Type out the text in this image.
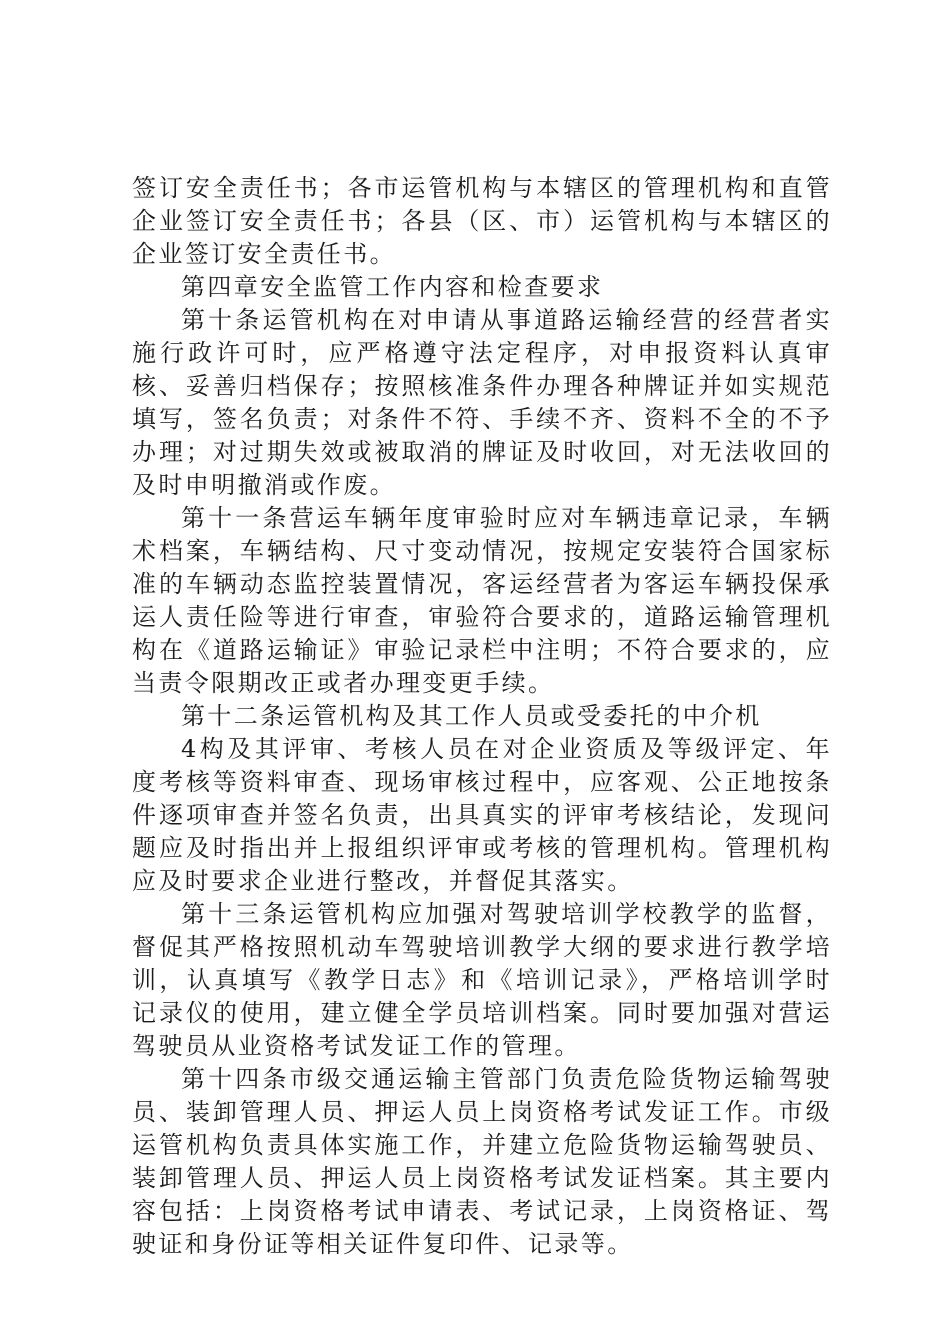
签订安全责任书；各市运管机构与本辖区的管理机构和直管企业签订安全责任书；各县（区、市）运管机构与本辖区的企业签订安全责任书。

第四章安全监管工作内容和检查要求

第十条运管机构在对申请从事道路运输经营的经营者实施行政许可时，应严格遵守法定程序，对申报资料认真审核、妥善归档保存；按照核准条件办理各种牌证并如实规范填写，签名负责；对条件不符、手续不齐、资料不全的不予办理；对过期失效或被取消的牌证及时收回，对无法收回的及时申明撤消或作废。

第十一条营运车辆年度审验时应对车辆违章记录，车辆术档案，车辆结构、尺寸变动情况，按规定安装符合国家标准的车辆动态监控装置情况，客运经营者为客运车辆投保承运人责任险等进行审查，审验符合要求的，道路运输管理机构在《道路运输证》审验记录栏中注明；不符合要求的，应当责令限期改正或者办理变更手续。

第十二条运管机构及其工作人员或受委托的中介机

4构及其评审、考核人员在对企业资质及等级评定、年度考核等资料审查、现场审核过程中，应客观、公正地按条件逐项审查并签名负责，出具真实的评审考核结论，发现问题应及时指出并上报组织评审或考核的管理机构。管理机构应及时要求企业进行整改，并督促其落实。

第十三条运管机构应加强对驾驶培训学校教学的监督，督促其严格按照机动车驾驶培训教学大纲的要求进行教学培训，认真填写《教学日志》和《培训记录》，严格培训学时记录仪的使用，建立健全学员培训档案。同时要加强对营运驾驶员从业资格考试发证工作的管理。

第十四条市级交通运输主管部门负责危险货物运输驾驶员、装卸管理人员、押运人员上岗资格考试发证工作。市级运管机构负责具体实施工作，并建立危险货物运输驾驶员、装卸管理人员、押运人员上岗资格考试发证档案。其主要内容包括：上岗资格考试申请表、考试记录，上岗资格证、驾驶证和身份证等相关证件复印件、记录等。
